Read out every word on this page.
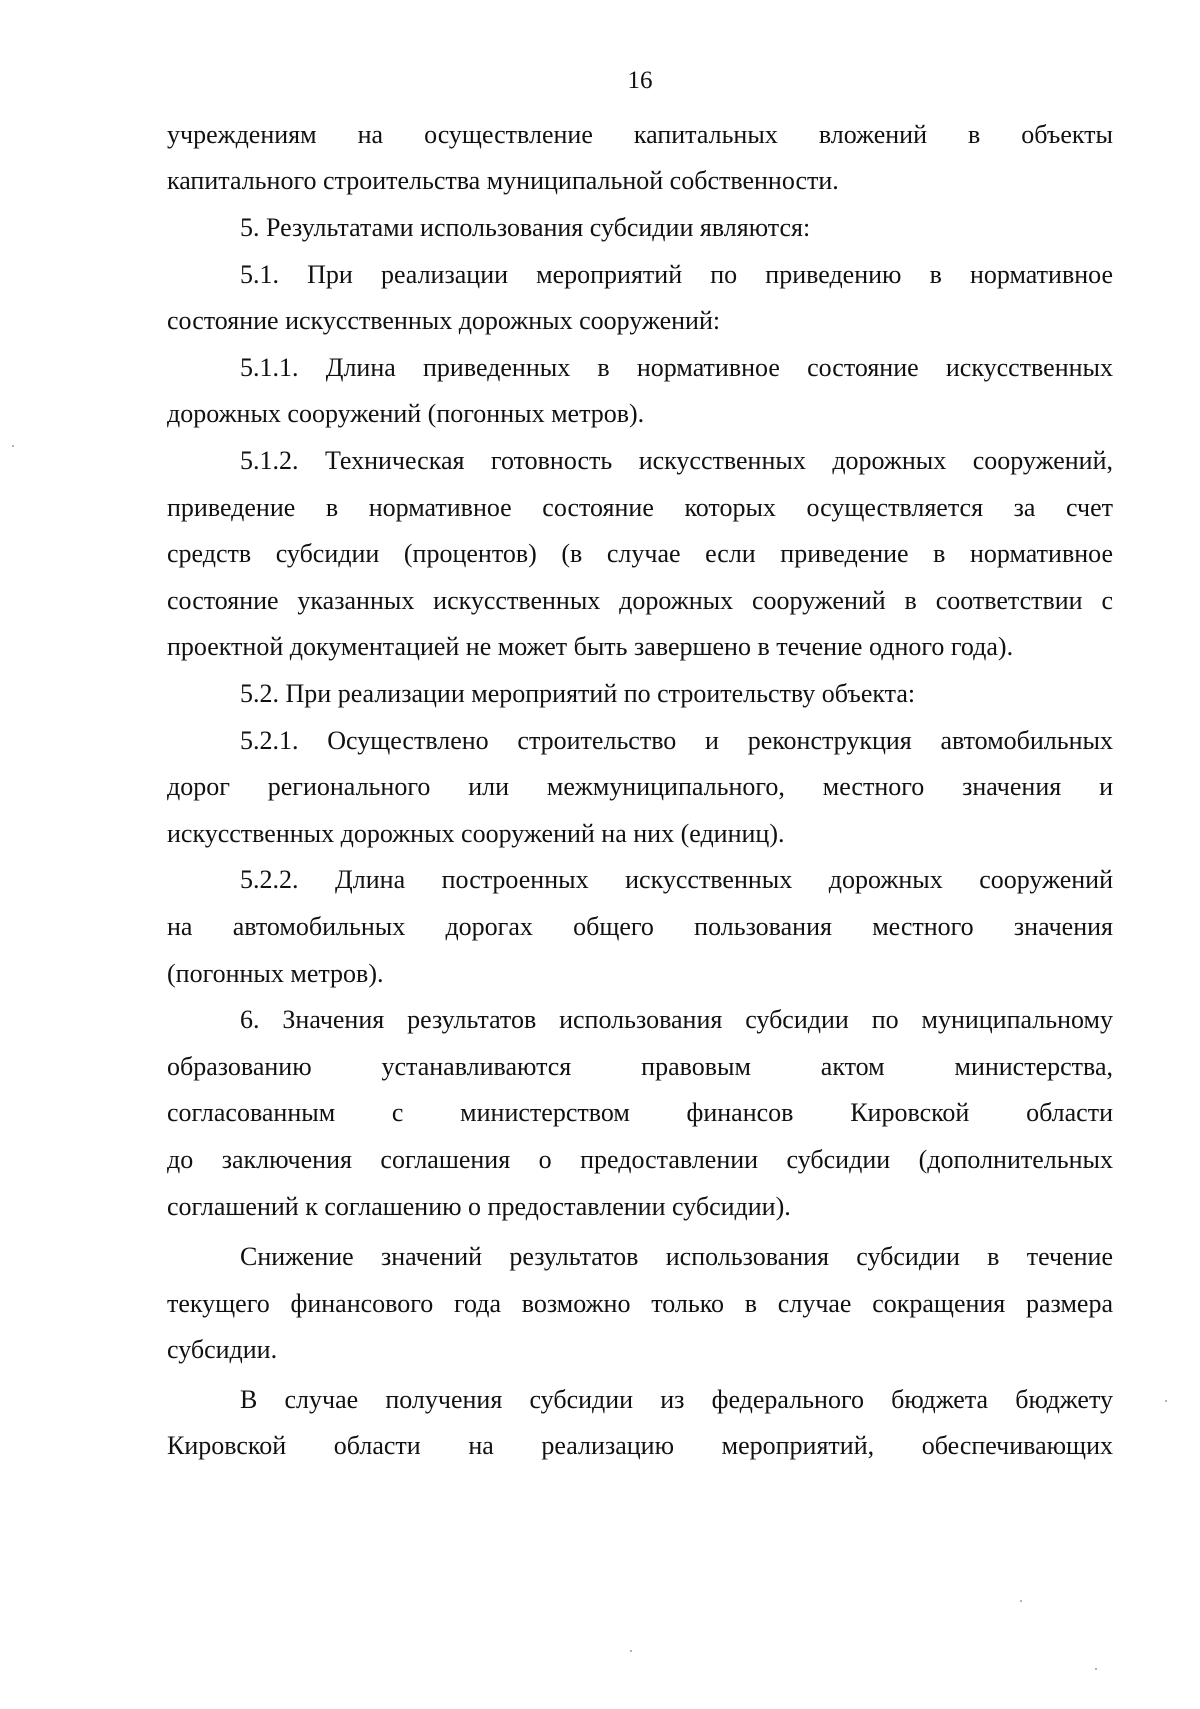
16
учреждениям на осуществление капитальных вложений в объекты
капитального строительства муниципальной собственности.
5. Результатами использования субсидии являются:
5.1. При реализации мероприятий по приведению в нормативное
состояние искусственных дорожных сооружений:
5.1.1. Длина приведенных в нормативное состояние искусственных
дорожных сооружений (погонных метров).
5.1.2. Техническая готовность искусственных дорожных сооружений,
приведение в нормативное состояние которых осуществляется за счет
средств субсидии (процентов) (в случае если приведение в нормативное
состояние указанных искусственных дорожных сооружений в соответствии с
проектной документацией не может быть завершено в течение одного года).
5.2. При реализации мероприятий по строительству объекта:
5.2.1. Осуществлено строительство и реконструкция автомобильных
дорог регионального или межмуниципального, местного значения и
искусственных дорожных сооружений на них (единиц).
5.2.2. Длина построенных искусственных дорожных сооружений
на автомобильных дорогах общего пользования местного значения
(погонных метров).
6. Значения результатов использования субсидии по муниципальному
образованию устанавливаются правовым актом министерства,
согласованным с министерством финансов Кировской области
до заключения соглашения о предоставлении субсидии (дополнительных
соглашений к соглашению о предоставлении субсидии).
Снижение значений результатов использования субсидии в течение
текущего финансового года возможно только в случае сокращения размера
субсидии.
В случае получения субсидии из федерального бюджета бюджету
Кировской области на реализацию мероприятий, обеспечивающих
